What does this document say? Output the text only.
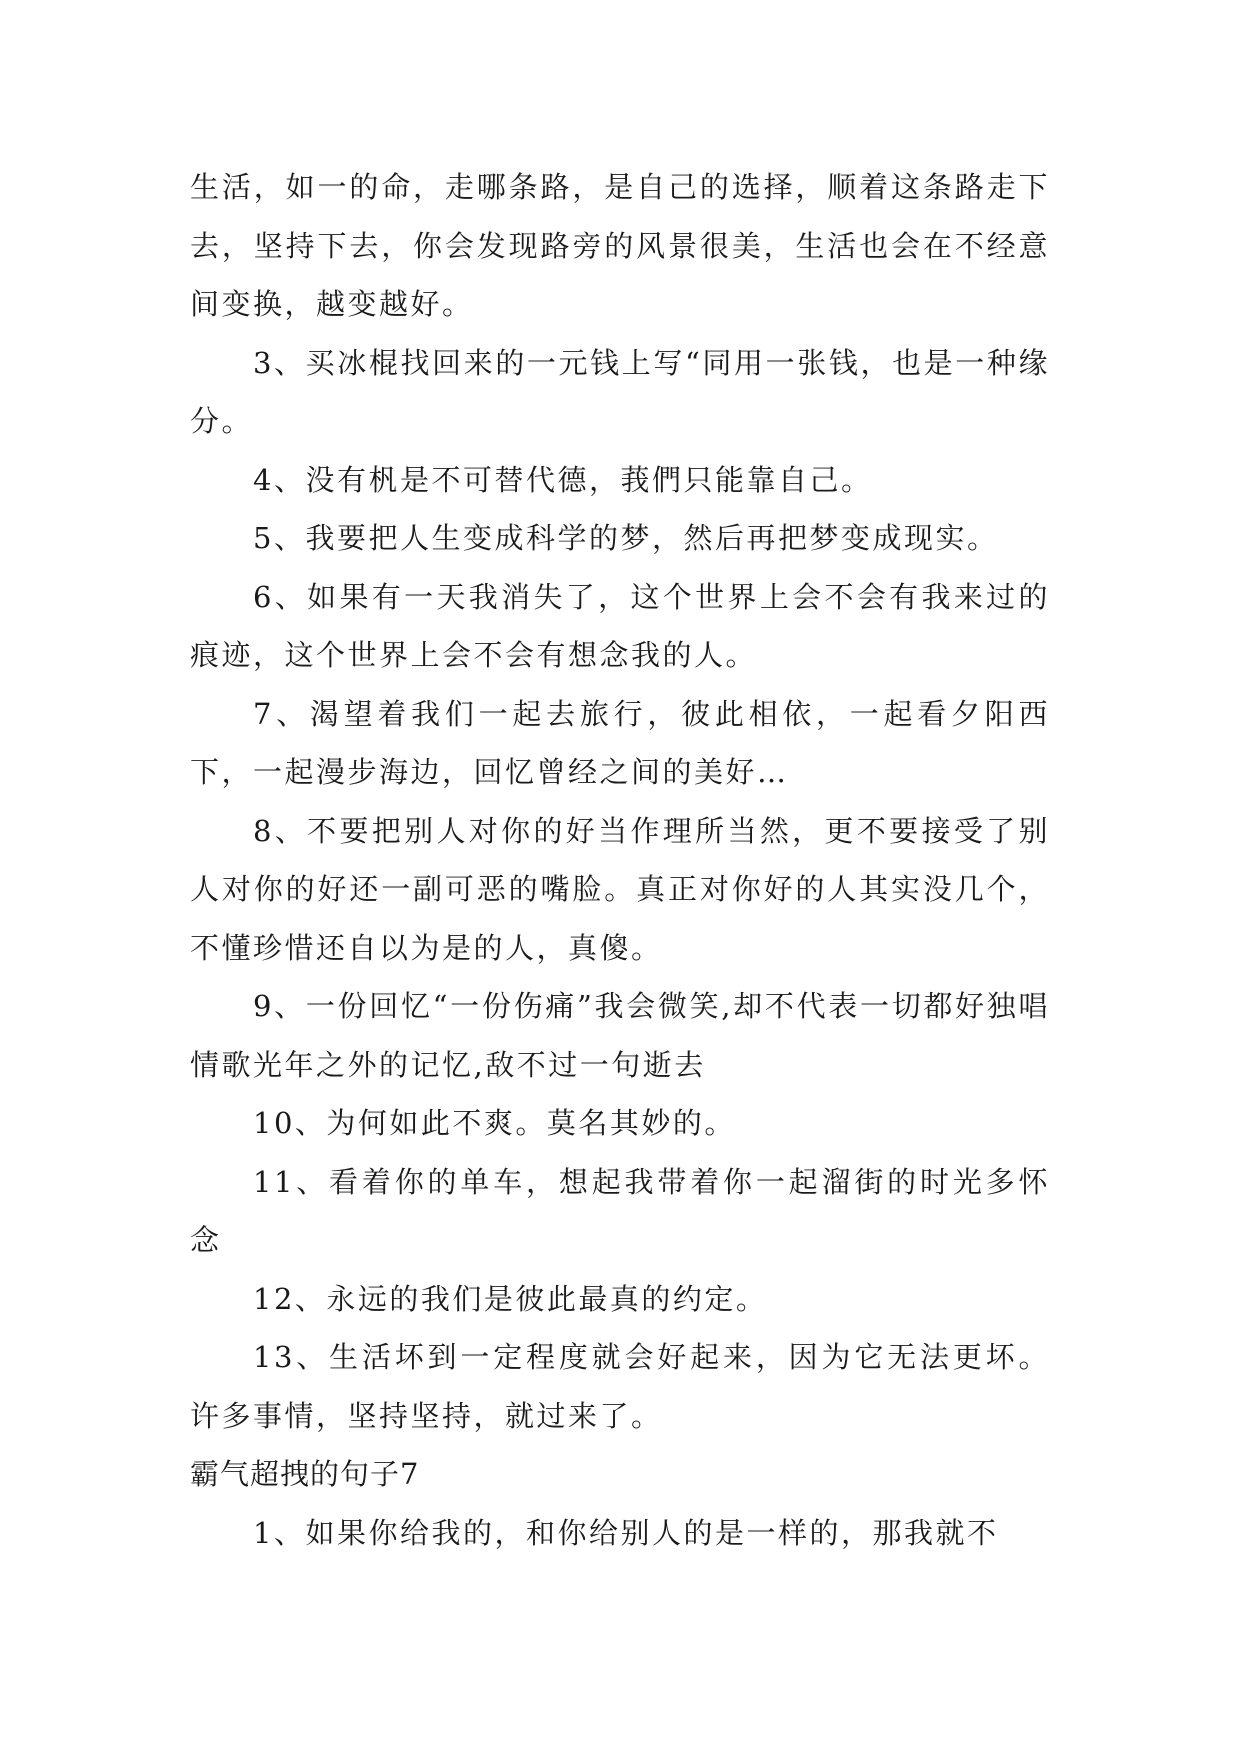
生活，如一的命，走哪条路，是自己的选择，顺着这条路走下去，坚持下去，你会发现路旁的风景很美，生活也会在不经意间变换，越变越好。

3、买冰棍找回来的一元钱上写“同用一张钱，也是一种缘分。

4、没有杋是不可替代德，莪們只能靠自己。

5、我要把人生变成科学的梦，然后再把梦变成现实。

6、如果有一天我消失了，这个世界上会不会有我来过的痕迹，这个世界上会不会有想念我的人。

7、渴望着我们一起去旅行，彼此相依，一起看夕阳西下，一起漫步海边，回忆曾经之间的美好…

8、不要把别人对你的好当作理所当然，更不要接受了别人对你的好还一副可恶的嘴脸。真正对你好的人其实没几个，不懂珍惜还自以为是的人，真傻。

9、一份回忆“一份伤痛”我会微笑,却不代表一切都好独唱情歌光年之外的记忆,敌不过一句逝去

10、为何如此不爽。莫名其妙的。

11、看着你的单车，想起我带着你一起溜街的时光多怀念

12、永远的我们是彼此最真的约定。

13、生活坏到一定程度就会好起来，因为它无法更坏。许多事情，坚持坚持，就过来了。

霸气超拽的句子7

1、如果你给我的，和你给别人的是一样的，那我就不
